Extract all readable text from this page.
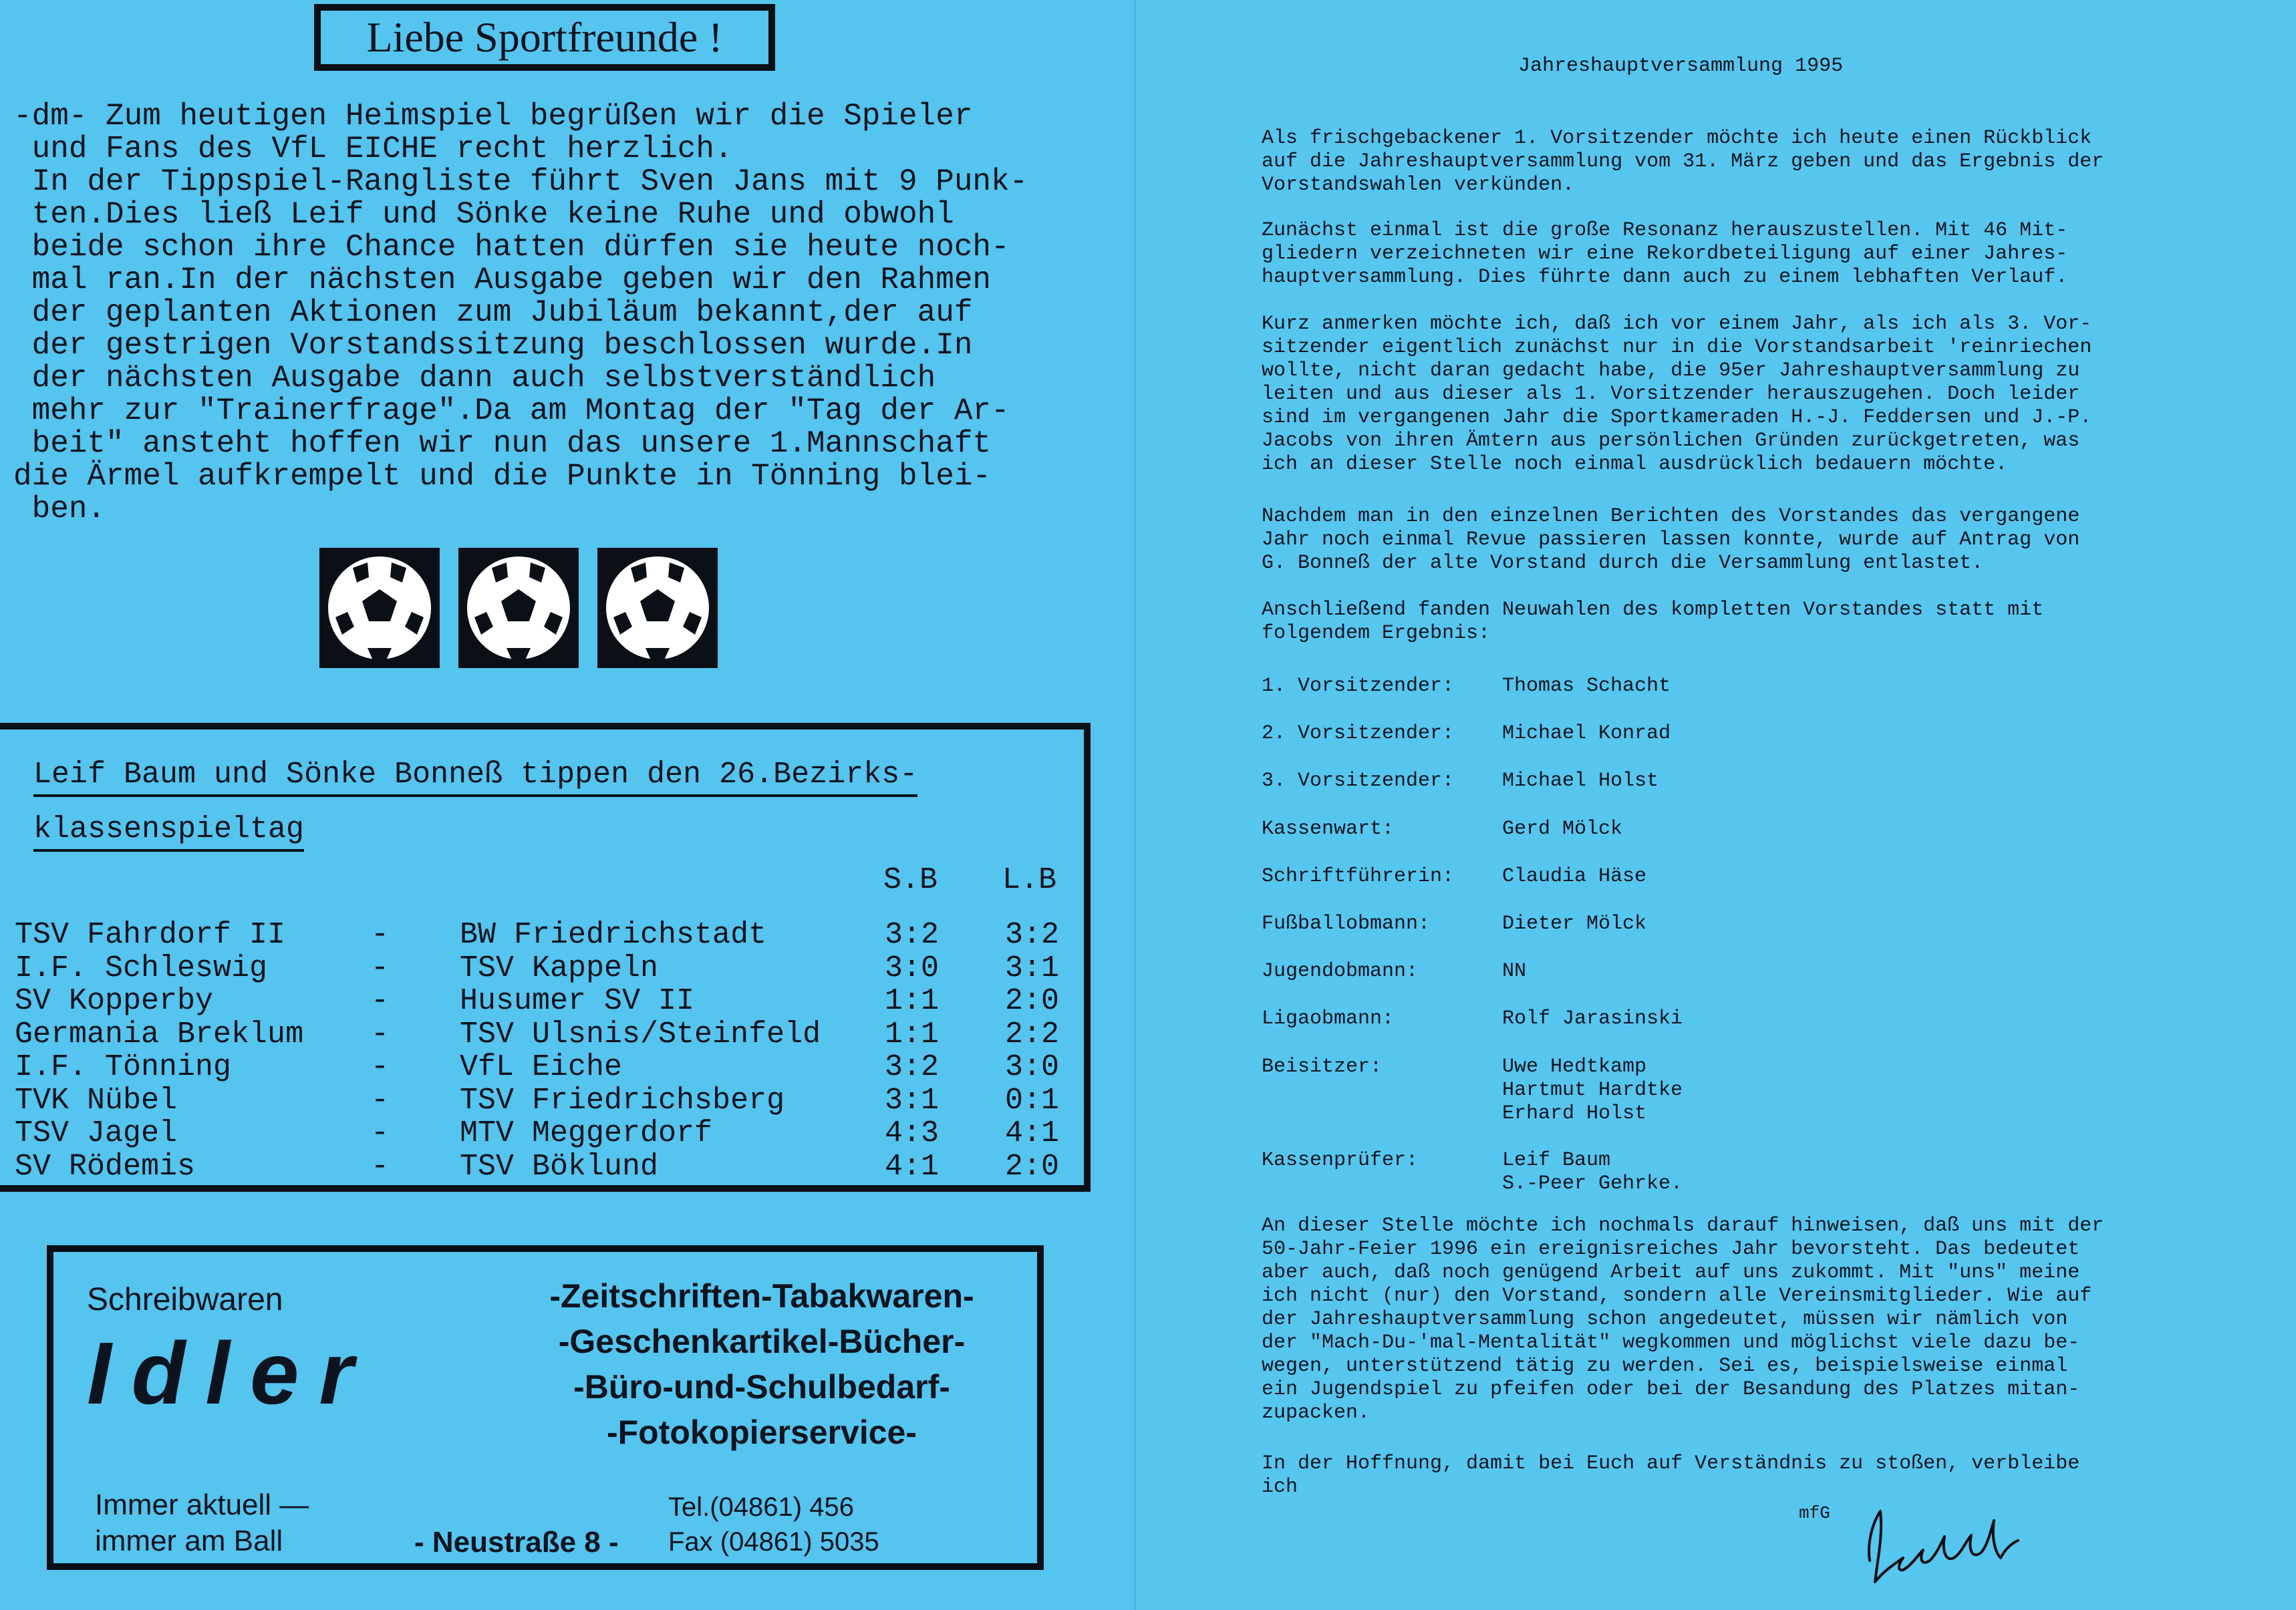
Liebe Sportfreunde !
-dm- Zum heutigen Heimspiel begrüßen wir die Spieler
und Fans des VfL EICHE recht herzlich.
In der Tippspiel-Rangliste führt Sven Jans mit 9 Punk-
ten.Dies ließ Leif und Sönke keine Ruhe und obwohl
beide schon ihre Chance hatten dürfen sie heute noch-
mal ran.In der nächsten Ausgabe geben wir den Rahmen
der geplanten Aktionen zum Jubiläum bekannt,der auf
der gestrigen Vorstandssitzung beschlossen wurde.In
der nächsten Ausgabe dann auch selbstverständlich
mehr zur "Trainerfrage".Da am Montag der "Tag der Ar-
beit" ansteht hoffen wir nun das unsere 1.Mannschaft
die Ärmel aufkrempelt und die Punkte in Tönning blei-
ben.
Leif Baum und Sönke Bonneß tippen den 26.Bezirks-
klassenspieltag
S.B L.B
TSV Fahrdorf II	- BW Friedrichstadt	3:2 3:2
I.F. Schleswig	- TSV Kappeln	3:0 3:1
SV Kopperby	- Husumer SV II	1:1 2:0
Germania Breklum - TSV Ulsnis/Steinfeld 1:1 2:2
I.F. Tönning	- VfL Eiche	3:2 3:0
TVK Nübel	- TSV Friedrichsberg	3:1 0:1
TSV Jagel	- MTV Meggerdorf	4:3 4:1
SV Rödemis	- TSV Böklund	4:1 2:0
Schreibwaren
Idler
-Zeitschriften-Tabakwaren-
-Geschenkartikel-Bücher-
-Büro-und-Schulbedarf-
-Fotokopierservice-
Immer aktuell —
immer am Ball	- Neustraße 8 -
Tel.(04861) 456
Fax (04861) 5035
Jahreshauptversammlung 1995
Als frischgebackener 1. Vorsitzender möchte ich heute einen Rückblick
auf die Jahreshauptversammlung vom 31. März geben und das Ergebnis der
Vorstandswahlen verkünden.
Zunächst einmal ist die große Resonanz herauszustellen. Mit 46 Mit-
gliedern verzeichneten wir eine Rekordbeteiligung auf einer Jahres-
hauptversammlung. Dies führte dann auch zu einem lebhaften Verlauf.
Kurz anmerken möchte ich, daß ich vor einem Jahr, als ich als 3. Vor-
sitzender eigentlich zunächst nur in die Vorstandsarbeit 'reinriechen
wollte, nicht daran gedacht habe, die 95er Jahreshauptversammlung zu
leiten und aus dieser als 1. Vorsitzender herauszugehen. Doch leider
sind im vergangenen Jahr die Sportkameraden H.-J. Feddersen und J.-P.
Jacobs von ihren Ämtern aus persönlichen Gründen zurückgetreten, was
ich an dieser Stelle noch einmal ausdrücklich bedauern möchte.
Nachdem man in den einzelnen Berichten des Vorstandes das vergangene
Jahr noch einmal Revue passieren lassen konnte, wurde auf Antrag von
G. Bonneß der alte Vorstand durch die Versammlung entlastet.
Anschließend fanden Neuwahlen des kompletten Vorstandes statt mit
folgendem Ergebnis:
1. Vorsitzender: Thomas Schacht
2. Vorsitzender: Michael Konrad
3. Vorsitzender: Michael Holst
Kassenwart:	Gerd Mölck
Schriftführerin: Claudia Häse
Fußballobmann:	Dieter Mölck
Jugendobmann:	NN
Ligaobmann:	Rolf Jarasinski
Beisitzer:	Uwe Hedtkamp
Hartmut Hardtke
Erhard Holst
Kassenprüfer:	Leif Baum
S.-Peer Gehrke.
An dieser Stelle möchte ich nochmals darauf hinweisen, daß uns mit der
50-Jahr-Feier 1996 ein ereignisreiches Jahr bevorsteht. Das bedeutet
aber auch, daß noch genügend Arbeit auf uns zukommt. Mit "uns" meine
ich nicht (nur) den Vorstand, sondern alle Vereinsmitglieder. Wie auf
der Jahreshauptversammlung schon angedeutet, müssen wir nämlich von
der "Mach-Du-'mal-Mentalität" wegkommen und möglichst viele dazu be-
wegen, unterstützend tätig zu werden. Sei es, beispielsweise einmal
ein Jugendspiel zu pfeifen oder bei der Besandung des Platzes mitan-
zupacken.
In der Hoffnung, damit bei Euch auf Verständnis zu stoßen, verbleibe
ich
mfG
